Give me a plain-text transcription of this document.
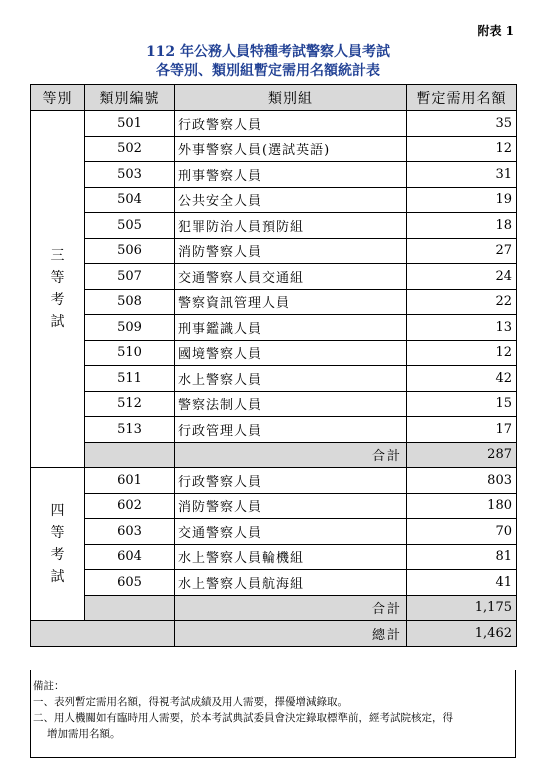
附表 1
112 年公務人員特種考試警察人員考試
各等別、類別組暫定需用名額統計表
等別	類別編號	類別組	暫定需用名額

三
等
考
試	501	行政警察人員	35
	502	外事警察人員(選試英語)	12
	503	刑事警察人員	31
	504	公共安全人員	19
	505	犯罪防治人員預防組	18
	506	消防警察人員	27
	507	交通警察人員交通組	24
	508	警察資訊管理人員	22
	509	刑事鑑識人員	13
	510	國境警察人員	12
	511	水上警察人員	42
	512	警察法制人員	15
	513	行政管理人員	17
		合計	287

四
等
考
試	601	行政警察人員	803
	602	消防警察人員	180
	603	交通警察人員	70
	604	水上警察人員輪機組	81
	605	水上警察人員航海組	41
		合計	1,175
		總計	1,462
備註：
一、表列暫定需用名額，得視考試成績及用人需要，擇優增減錄取。
二、用人機關如有臨時用人需要，於本考試典試委員會決定錄取標準前，經考試院核定，得
增加需用名額。
